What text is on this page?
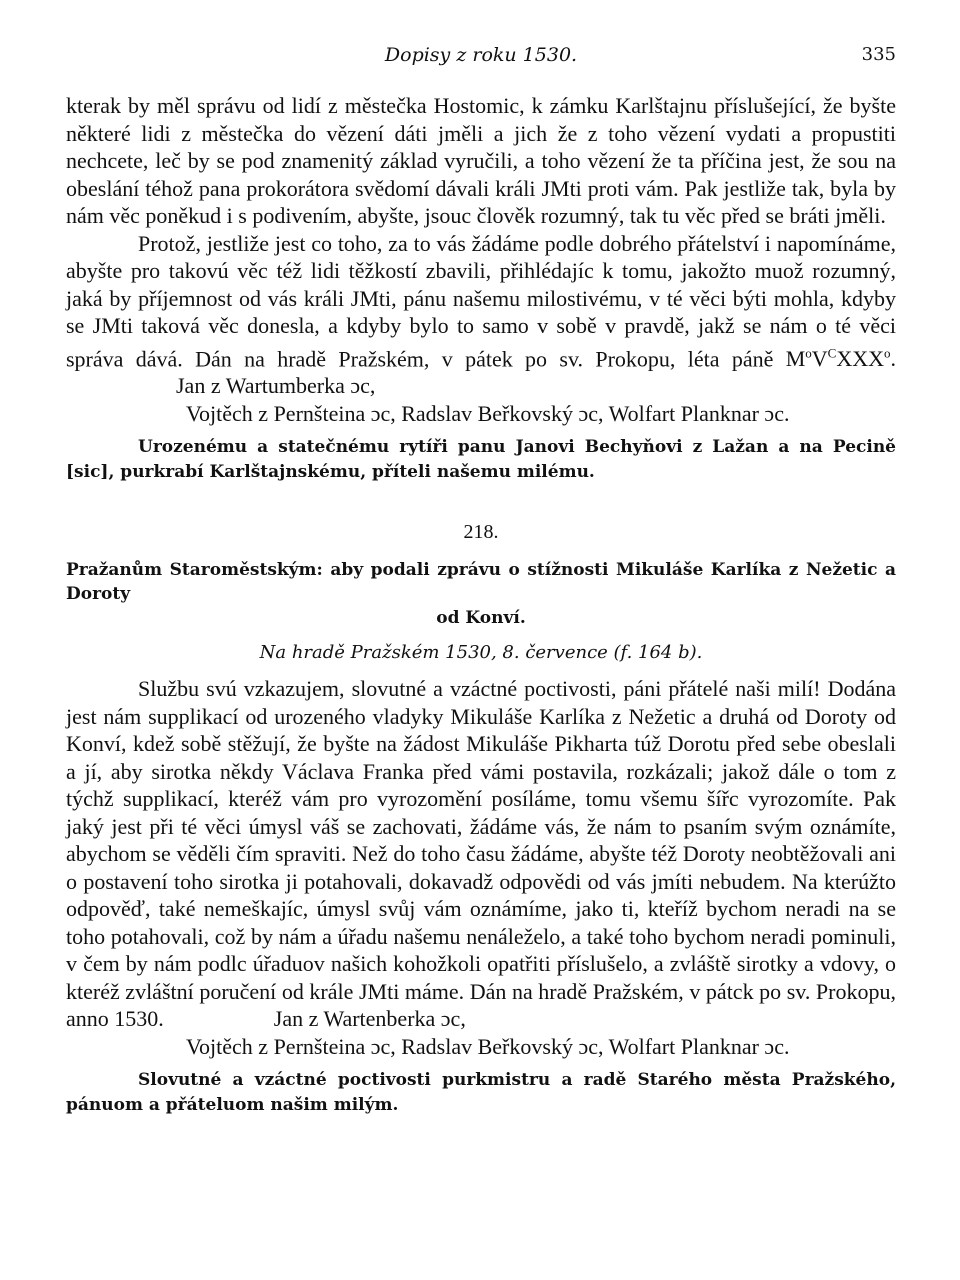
Dopisy z roku 1530.	335

kterak by měl správu od lidí z městečka Hostomic, k zámku Karlštajnu příslušející, že byšte některé lidi z městečka do vězení dáti jměli a jich že z toho vězení vydati a propustiti nechcete, leč by se pod znamenitý základ vyručili, a toho vězení že ta příčina jest, že sou na obeslání téhož pana prokorátora svědomí dávali králi JMti proti vám. Pak jestliže tak, byla by nám věc poněkud i s podivením, abyšte, jsouc člověk rozumný, tak tu věc před se bráti jměli.

Protož, jestliže jest co toho, za to vás žádáme podle dobrého přátelství i napomínáme, abyšte pro takovú věc též lidi těžkostí zbavili, přihlédajíc k tomu, jakožto muož rozumný, jaká by příjemnost od vás králi JMti, pánu našemu milostivému, v té věci býti mohla, kdyby se JMti taková věc donesla, a kdyby bylo to samo v sobě v pravdě, jakž se nám o té věci správa dává. Dán na hradě Pražském, v pátek po sv. Prokopu, léta páně $M^oV^CXXX^o.Jan$ z Wartumberka ɔc,

Vojtěch z Pernšteina ɔc, Radslav Beřkovský ɔc, Wolfart Planknar ɔc.

Urozenému a statečnému rytíři panu Janovi Bechyňovi z Lažan a na Pecině [sic], purkrabí Karlštajnskému, příteli našemu milému.

218.

Pražanům Staroměstským: aby podali zprávu o stížnosti Mikuláše Karlíka z Nežetic a Doroty

od Konví.

Na hradě Pražském 1530, 8. července (f. 164 b).

Službu svú vzkazujem, slovutné a vzáctné poctivosti, páni přátelé naši milí! Dodána jest nám supplikací od urozeného vladyky Mikuláše Karlíka z Nežetic a druhá od Doroty od Konví, kdež sobě stěžují, že byšte na žádost Mikuláše Pikharta túž Dorotu před sebe obeslali a jí, aby sirotka někdy Václava Franka před vámi postavila, rozkázali; jakož dále o tom z týchž supplikací, kteréž vám pro vyrozomění posíláme, tomu všemu šířc vyrozomíte. Pak jaký jest při té věci úmysl váš se zachovati, žádáme vás, že nám to psaním svým oznámíte, abychom se věděli čím spraviti. Než do toho času žádáme, abyšte též Doroty neobtěžovali ani o postavení toho sirotka ji potahovali, dokavadž odpovědi od vás jmíti nebudem. Na kterúžto odpověď, také nemeškajíc, úmysl svůj vám oznámíme, jako ti, kteříž bychom neradi na se toho potahovali, což by nám a úřadu našemu nenáleželo, a také toho bychom neradi pominuli, v čem by nám podlc úřaduov našich kohožkoli opatřiti příslušelo, a zvláště sirotky a vdovy, o kteréž zvláštní poručení od krále JMti máme. Dán na hradě Pražském, v pátck po sv. Prokopu, anno 1530.	Jan z Wartenberka ɔc,

Vojtěch z Pernšteina ɔc, Radslav Beřkovský ɔc, Wolfart Planknar ɔc.

Slovutné a vzáctné poctivosti purkmistru a radě Starého města Pražského, pánuom a přáteluom našim milým.
